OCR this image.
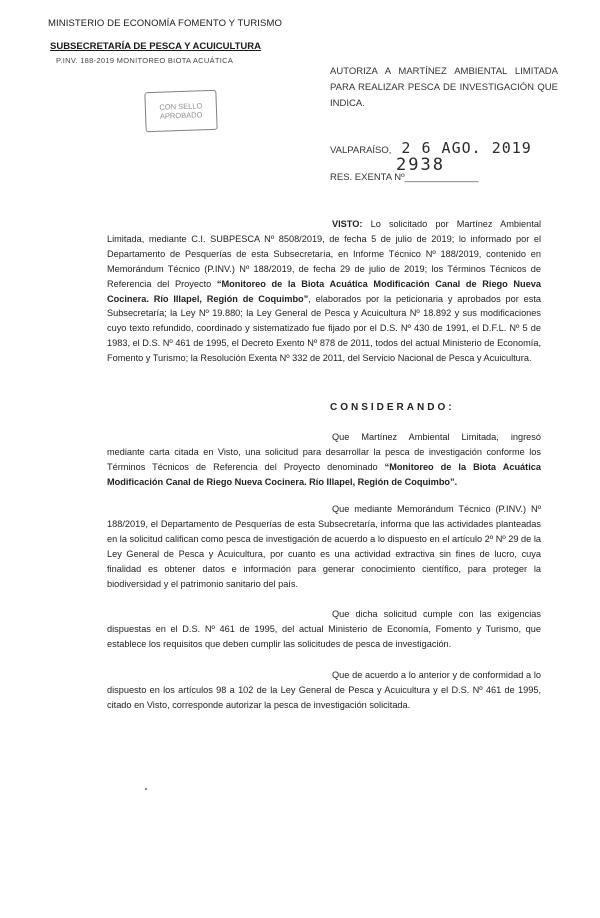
MINISTERIO DE ECONOMÍA FOMENTO Y TURISMO
SUBSECRETARÍA DE PESCA Y ACUICULTURA
P.INV. 188-2019 MONITOREO BIOTA ACUÁTICA
CON SELLO
APROBADO
AUTORIZA A MARTÍNEZ AMBIENTAL LIMITADA PARA REALIZAR PESCA DE INVESTIGACIÓN QUE INDICA.
VALPARAÍSO, 2 6 AGO. 2019
2938
RES. EXENTA Nº______________
VISTO: Lo solicitado por Martínez Ambiental Limitada, mediante C.I. SUBPESCA Nº 8508/2019, de fecha 5 de julio de 2019; lo informado por el Departamento de Pesquerías de esta Subsecretaría, en Informe Técnico Nº 188/2019, contenido en Memorándum Técnico (P.INV.) Nº 188/2019, de fecha 29 de julio de 2019; los Términos Técnicos de Referencia del Proyecto “Monitoreo de la Biota Acuática Modificación Canal de Riego Nueva Cocinera. Río Illapel, Región de Coquimbo”, elaborados por la peticionaria y aprobados por esta Subsecretaría; la Ley Nº 19.880; la Ley General de Pesca y Acuicultura Nº 18.892 y sus modificaciones cuyo texto refundido, coordinado y sistematizado fue fijado por el D.S. Nº 430 de 1991, el D.F.L. Nº 5 de 1983, el D.S. Nº 461 de 1995, el Decreto Exento Nº 878 de 2011, todos del actual Ministerio de Economía, Fomento y Turismo; la Resolución Exenta Nº 332 de 2011, del Servicio Nacional de Pesca y Acuicultura.
CONSIDERANDO:
Que Martínez Ambiental Limitada, ingresó mediante carta citada en Visto, una solicitud para desarrollar la pesca de investigación conforme los Términos Técnicos de Referencia del Proyecto denominado “Monitoreo de la Biota Acuática Modificación Canal de Riego Nueva Cocinera. Río Illapel, Región de Coquimbo”.
Que mediante Memorándum Técnico (P.INV.) Nº 188/2019, el Departamento de Pesquerías de esta Subsecretaría, informa que las actividades planteadas en la solicitud califican como pesca de investigación de acuerdo a lo dispuesto en el artículo 2º Nº 29 de la Ley General de Pesca y Acuicultura, por cuanto es una actividad extractiva sin fines de lucro, cuya finalidad es obtener datos e información para generar conocimiento científico, para proteger la biodiversidad y el patrimonio sanitario del país.
Que dicha solicitud cumple con las exigencias dispuestas en el D.S. Nº 461 de 1995, del actual Ministerio de Economía, Fomento y Turismo, que establece los requisitos que deben cumplir las solicitudes de pesca de investigación.
Que de acuerdo a lo anterior y de conformidad a lo dispuesto en los artículos 98 a 102 de la Ley General de Pesca y Acuicultura y el D.S. Nº 461 de 1995, citado en Visto, corresponde autorizar la pesca de investigación solicitada.
